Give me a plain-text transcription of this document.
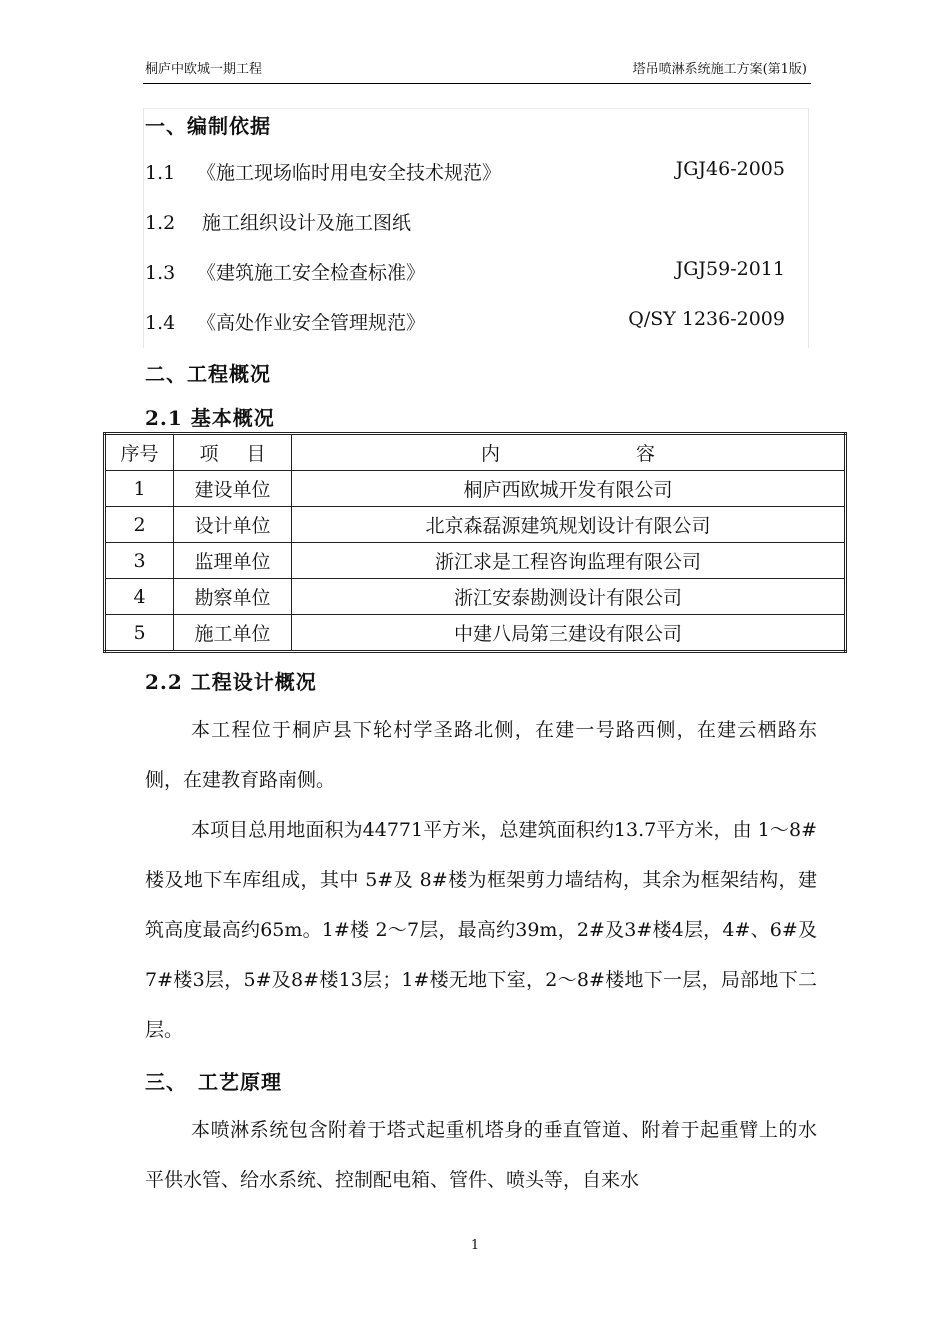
桐庐中欧城一期工程	塔吊喷淋系统施工方案(第1版)
一、编制依据
1.1 《施工现场临时用电安全技术规范》	JGJ46-2005
1.2 施工组织设计及施工图纸
1.3 《建筑施工安全检查标准》	JGJ59-2011
1.4 《高处作业安全管理规范》	Q/SY 1236-2009
二、工程概况
2.1 基本概况
序号	项 目	内 容
1	建设单位	桐庐西欧城开发有限公司
2	设计单位	北京森磊源建筑规划设计有限公司
3	监理单位	浙江求是工程咨询监理有限公司
4	勘察单位	浙江安泰勘测设计有限公司
5	施工单位	中建八局第三建设有限公司
2.2 工程设计概况

本工程位于桐庐县下轮村学圣路北侧，在建一号路西侧，在建云栖路东侧，在建教育路南侧。

本项目总用地面积为44771平方米，总建筑面积约13.7平方米，由 1～8#楼及地下车库组成，其中 5#及 8#楼为框架剪力墙结构，其余为框架结构，建筑高度最高约65m。1#楼 2～7层，最高约39m，2#及3#楼4层，4#、6#及7#楼3层，5#及8#楼13层；1#楼无地下室，2～8#楼地下一层，局部地下二层。

三、　工艺原理

本喷淋系统包含附着于塔式起重机塔身的垂直管道、附着于起重臂上的水平供水管、给水系统、控制配电箱、管件、喷头等，自来水

1
